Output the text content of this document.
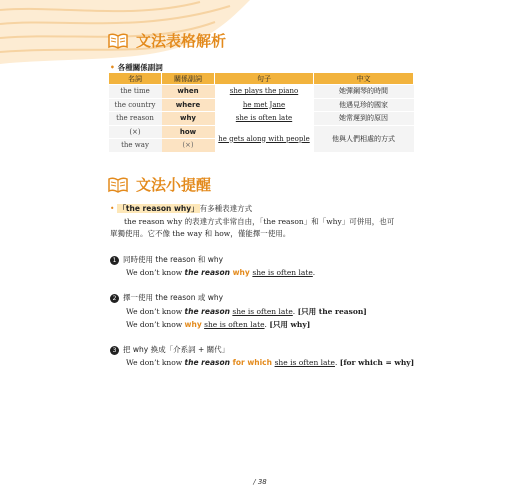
文法表格解析
• 各種關係副詞
名詞	關係副詞	句子	中文
the time	when	she plays the piano	她彈鋼琴的時間
the country	where	he met Jane	他遇見珍的國家
the reason	why	she is often late	她常遲到的原因
(×)	how	he gets along with people	他與人們相處的方式
the way	(×)		
文法小提醒
• 「the reason why」有多種表達方式
the reason why 的表達方式非常自由，「the reason」和「why」可併用，也可
單獨使用。它不像 the way 和 how，僅能擇一使用。
1 同時使用 the reason 和 why
We don’t know the reason why she is often late.
2 擇一使用 the reason 或 why
We don’t know the reason she is often late. [只用 the reason]
We don’t know why she is often late. [只用 why]
3 把 why 換成「介系詞 + 關代」
We don’t know the reason for which she is often late. [for which = why]
/ 38
